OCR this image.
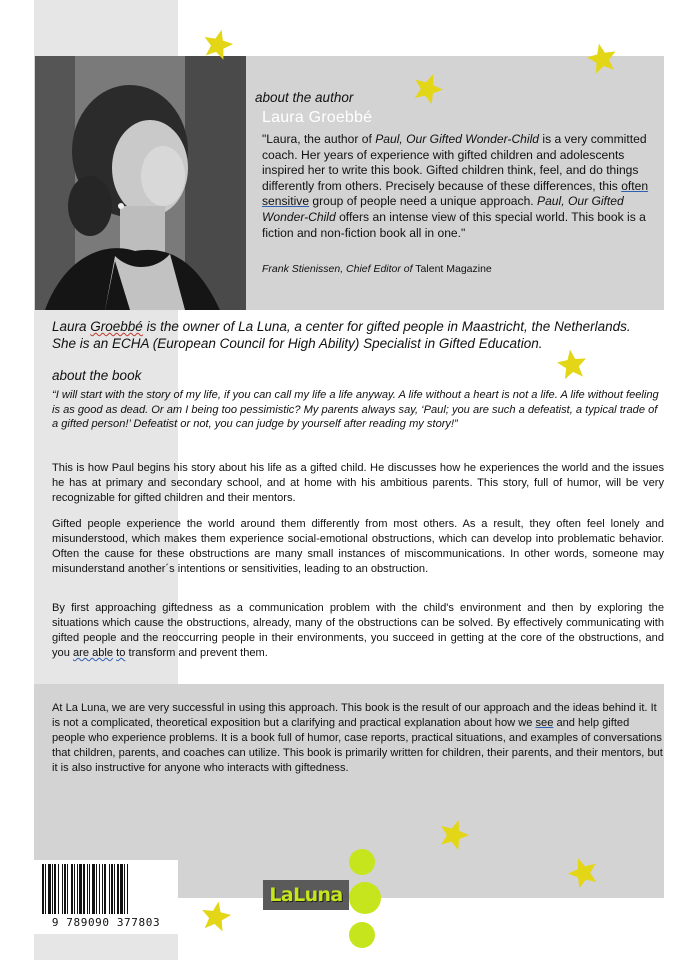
about the author
Laura Groebbé
"Laura, the author of Paul, Our Gifted Wonder-Child is a very committed coach. Her years of experience with gifted children and adolescents inspired her to write this book. Gifted children think, feel, and do things differently from others. Precisely because of these differences, this often sensitive group of people need a unique approach. Paul, Our Gifted Wonder-Child offers an intense view of this special world. This book is a fiction and non-fiction book all in one."
Frank Stienissen, Chief Editor of Talent Magazine
Laura Groebbé is the owner of La Luna, a center for gifted people in Maastricht, the Netherlands. She is an ECHA (European Council for High Ability) Specialist in Gifted Education.
about the book
“I will start with the story of my life, if you can call my life a life anyway. A life without a heart is not a life. A life without feeling is as good as dead. Or am I being too pessimistic? My parents always say, ‘Paul; you are such a defeatist, a typical trade of a gifted person!’ Defeatist or not, you can judge by yourself after reading my story!”

This is how Paul begins his story about his life as a gifted child. He discusses how he experiences the world and the issues he has at primary and secondary school, and at home with his ambitious parents. This story, full of humor, will be very recognizable for gifted children and their mentors.

Gifted people experience the world around them differently from most others. As a result, they often feel lonely and misunderstood, which makes them experience social-emotional obstructions, which can develop into problematic behavior. Often the cause for these obstructions are many small instances of miscommunications. In other words, someone may misunderstand another´s intentions or sensitivities, leading to an obstruction.

By first approaching giftedness as a communication problem with the child's environment and then by exploring the situations which cause the obstructions, already, many of the obstructions can be solved. By effectively communicating with gifted people and the reoccurring people in their environments, you succeed in getting at the core of the obstructions, and you are able to transform and prevent them.

At La Luna, we are very successful in using this approach. This book is the result of our approach and the ideas behind it. It is not a complicated, theoretical exposition but a clarifying and practical explanation about how we see and help gifted people who experience problems. It is a book full of humor, case reports, practical situations, and examples of conversations that children, parents, and coaches can utilize. This book is primarily written for children, their parents, and their mentors, but it is also instructive for anyone who interacts with giftedness.

9 789090 377803
LaLuna
